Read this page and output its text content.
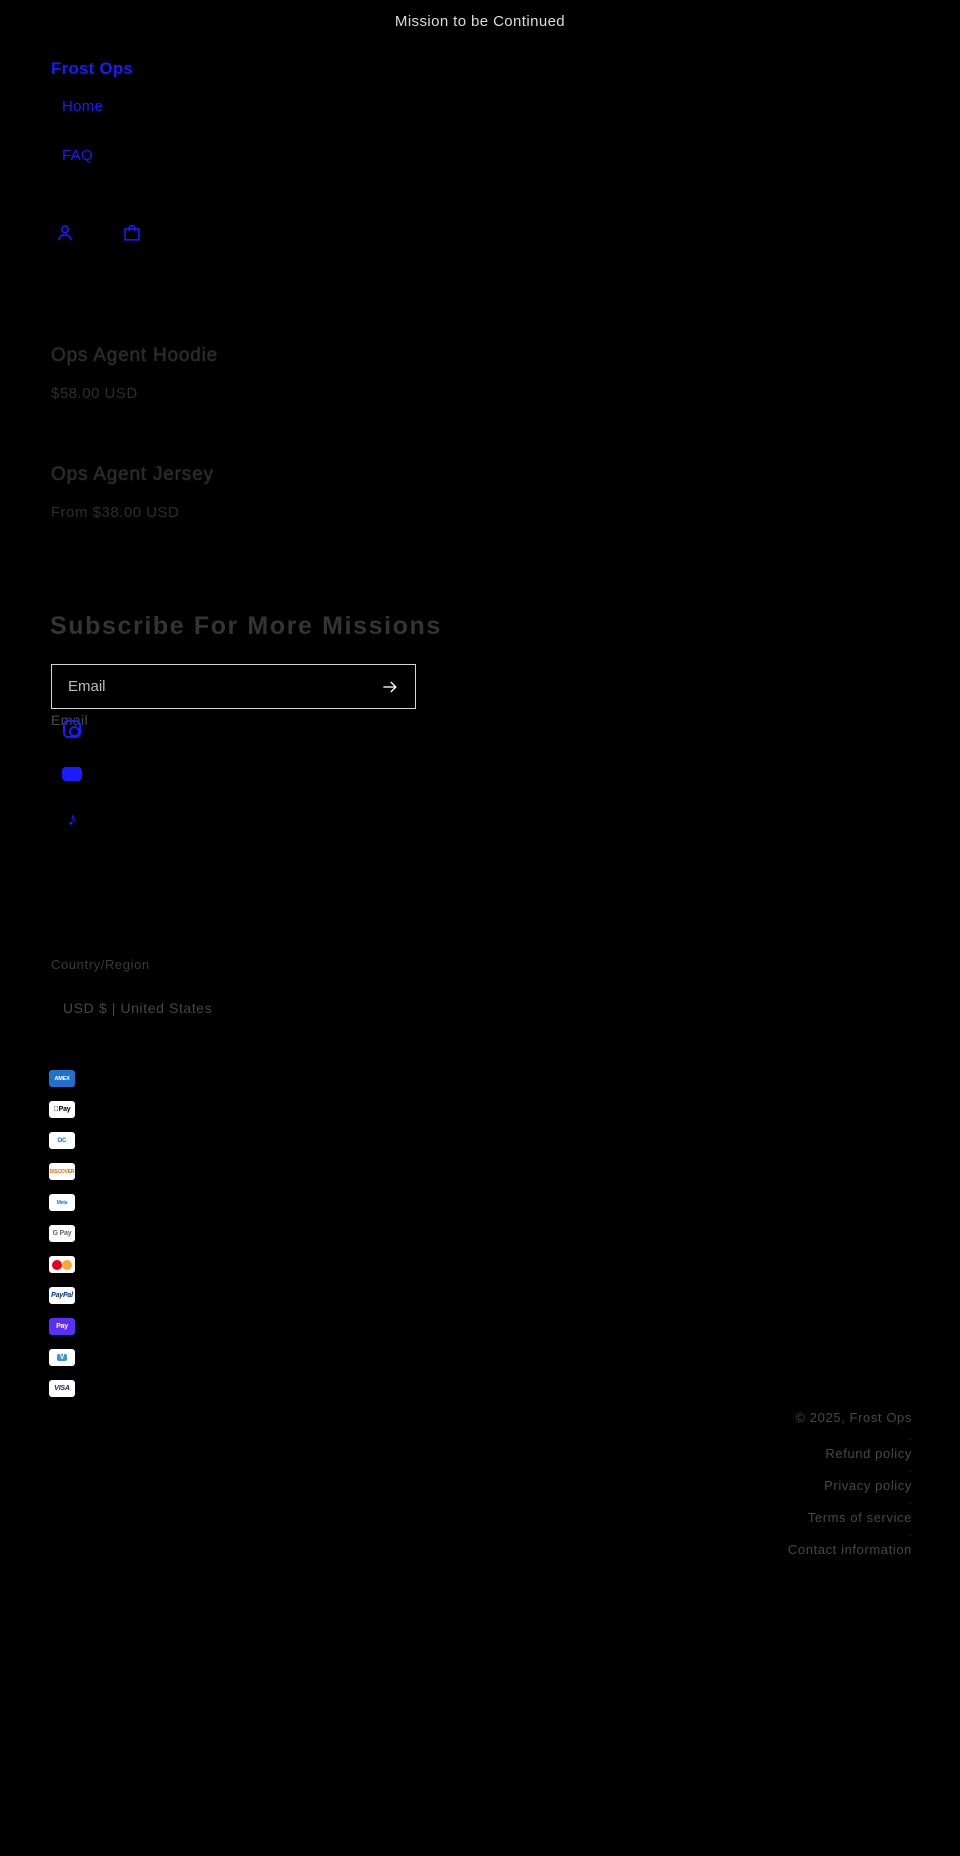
Mission to be Continued
Frost Ops
Home
FAQ
Ops Agent Hoodie
$58.00 USD
Ops Agent Jersey
From $38.00 USD
Subscribe For More Missions
Email
Email
♪
Country/Region
USD $ | United States
AMEX
Pay
DC
DISCOVER
Meta
G Pay
PayPal
Pay
V
VISA
© 2025, Frost Ops
.
Refund policy
.
Privacy policy
.
Terms of service
.
Contact information
